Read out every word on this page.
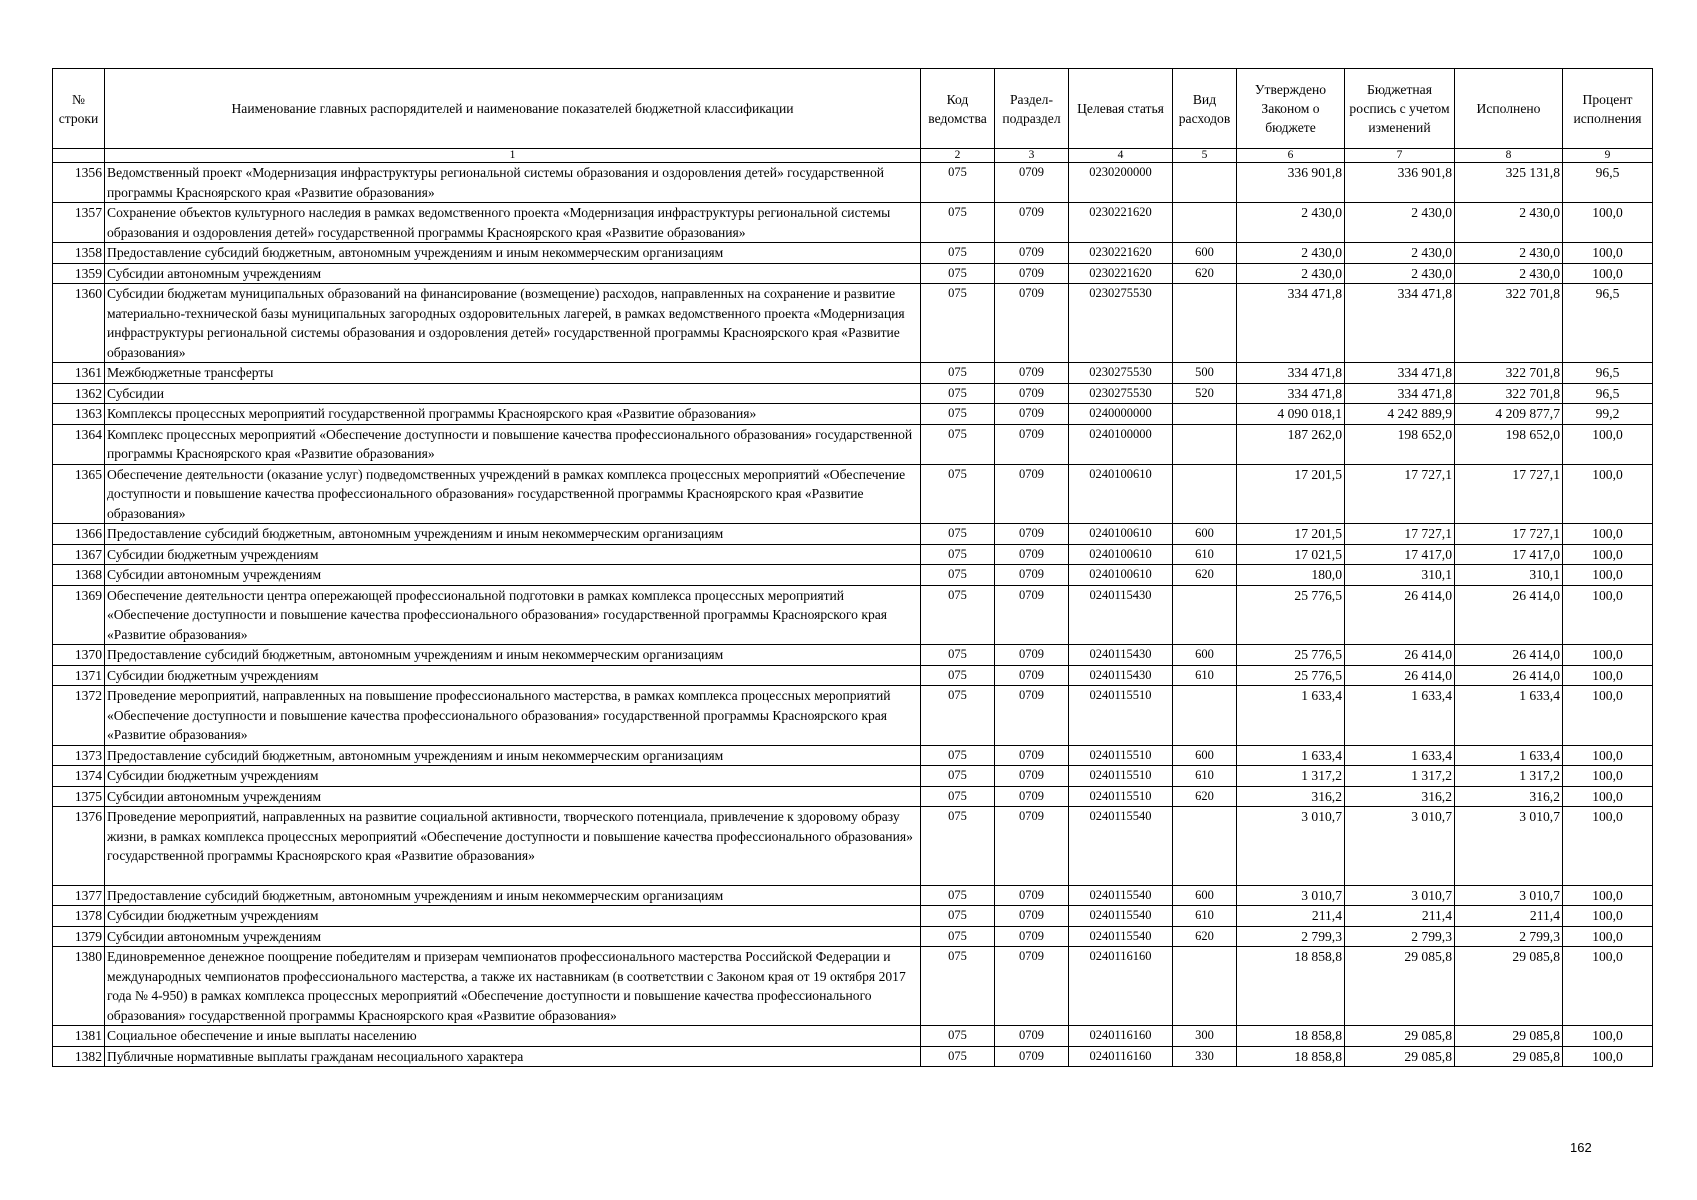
№ строки	Наименование главных распорядителей и наименование показателей бюджетной классификации	Код ведомства	Раздел-подраздел	Целевая статья	Вид расходов	Утверждено Законом о бюджете	Бюджетная роспись с учетом изменений	Исполнено	Процент исполнения
	1	2	3	4	5	6	7	8	9
1356	Ведомственный проект «Модернизация инфраструктуры региональной системы образования и оздоровления детей» государственной программы Красноярского края «Развитие образования»	075	0709	0230200000		336 901,8	336 901,8	325 131,8	96,5
1357	Сохранение объектов культурного наследия в рамках ведомственного проекта «Модернизация инфраструктуры региональной системы образования и оздоровления детей» государственной программы Красноярского края «Развитие образования»	075	0709	0230221620		2 430,0	2 430,0	2 430,0	100,0
1358	Предоставление субсидий бюджетным, автономным учреждениям и иным некоммерческим организациям	075	0709	0230221620	600	2 430,0	2 430,0	2 430,0	100,0
1359	Субсидии автономным учреждениям	075	0709	0230221620	620	2 430,0	2 430,0	2 430,0	100,0
1360	Субсидии бюджетам муниципальных образований на финансирование (возмещение) расходов, направленных на сохранение и развитие материально-технической базы муниципальных загородных оздоровительных лагерей, в рамках ведомственного проекта «Модернизация инфраструктуры региональной системы образования и оздоровления детей» государственной программы Красноярского края «Развитие образования»	075	0709	0230275530		334 471,8	334 471,8	322 701,8	96,5
1361	Межбюджетные трансферты	075	0709	0230275530	500	334 471,8	334 471,8	322 701,8	96,5
1362	Субсидии	075	0709	0230275530	520	334 471,8	334 471,8	322 701,8	96,5
1363	Комплексы процессных мероприятий государственной программы Красноярского края «Развитие образования»	075	0709	0240000000		4 090 018,1	4 242 889,9	4 209 877,7	99,2
1364	Комплекс процессных мероприятий «Обеспечение доступности и повышение качества профессионального образования» государственной программы Красноярского края «Развитие образования»	075	0709	0240100000		187 262,0	198 652,0	198 652,0	100,0
1365	Обеспечение деятельности (оказание услуг) подведомственных учреждений в рамках комплекса процессных мероприятий «Обеспечение доступности и повышение качества профессионального образования» государственной программы Красноярского края «Развитие образования»	075	0709	0240100610		17 201,5	17 727,1	17 727,1	100,0
1366	Предоставление субсидий бюджетным, автономным учреждениям и иным некоммерческим организациям	075	0709	0240100610	600	17 201,5	17 727,1	17 727,1	100,0
1367	Субсидии бюджетным учреждениям	075	0709	0240100610	610	17 021,5	17 417,0	17 417,0	100,0
1368	Субсидии автономным учреждениям	075	0709	0240100610	620	180,0	310,1	310,1	100,0
1369	Обеспечение деятельности центра опережающей профессиональной подготовки в рамках комплекса процессных мероприятий «Обеспечение доступности и повышение качества профессионального образования» государственной программы Красноярского края «Развитие образования»	075	0709	0240115430		25 776,5	26 414,0	26 414,0	100,0
1370	Предоставление субсидий бюджетным, автономным учреждениям и иным некоммерческим организациям	075	0709	0240115430	600	25 776,5	26 414,0	26 414,0	100,0
1371	Субсидии бюджетным учреждениям	075	0709	0240115430	610	25 776,5	26 414,0	26 414,0	100,0
1372	Проведение мероприятий, направленных на повышение профессионального мастерства, в рамках комплекса процессных мероприятий «Обеспечение доступности и повышение качества профессионального образования» государственной программы Красноярского края «Развитие образования»	075	0709	0240115510		1 633,4	1 633,4	1 633,4	100,0
1373	Предоставление субсидий бюджетным, автономным учреждениям и иным некоммерческим организациям	075	0709	0240115510	600	1 633,4	1 633,4	1 633,4	100,0
1374	Субсидии бюджетным учреждениям	075	0709	0240115510	610	1 317,2	1 317,2	1 317,2	100,0
1375	Субсидии автономным учреждениям	075	0709	0240115510	620	316,2	316,2	316,2	100,0
1376	Проведение мероприятий, направленных на развитие социальной активности, творческого потенциала, привлечение к здоровому образу жизни, в рамках комплекса процессных мероприятий «Обеспечение доступности и повышение качества профессионального образования» государственной программы Красноярского края «Развитие образования»	075	0709	0240115540		3 010,7	3 010,7	3 010,7	100,0
1377	Предоставление субсидий бюджетным, автономным учреждениям и иным некоммерческим организациям	075	0709	0240115540	600	3 010,7	3 010,7	3 010,7	100,0
1378	Субсидии бюджетным учреждениям	075	0709	0240115540	610	211,4	211,4	211,4	100,0
1379	Субсидии автономным учреждениям	075	0709	0240115540	620	2 799,3	2 799,3	2 799,3	100,0
1380	Единовременное денежное поощрение победителям и призерам чемпионатов профессионального мастерства Российской Федерации и международных чемпионатов профессионального мастерства, а также их наставникам (в соответствии с Законом края от 19 октября 2017 года № 4-950) в рамках комплекса процессных мероприятий «Обеспечение доступности и повышение качества профессионального образования» государственной программы Красноярского края «Развитие образования»	075	0709	0240116160		18 858,8	29 085,8	29 085,8	100,0
1381	Социальное обеспечение и иные выплаты населению	075	0709	0240116160	300	18 858,8	29 085,8	29 085,8	100,0
1382	Публичные нормативные выплаты гражданам несоциального характера	075	0709	0240116160	330	18 858,8	29 085,8	29 085,8	100,0
162
